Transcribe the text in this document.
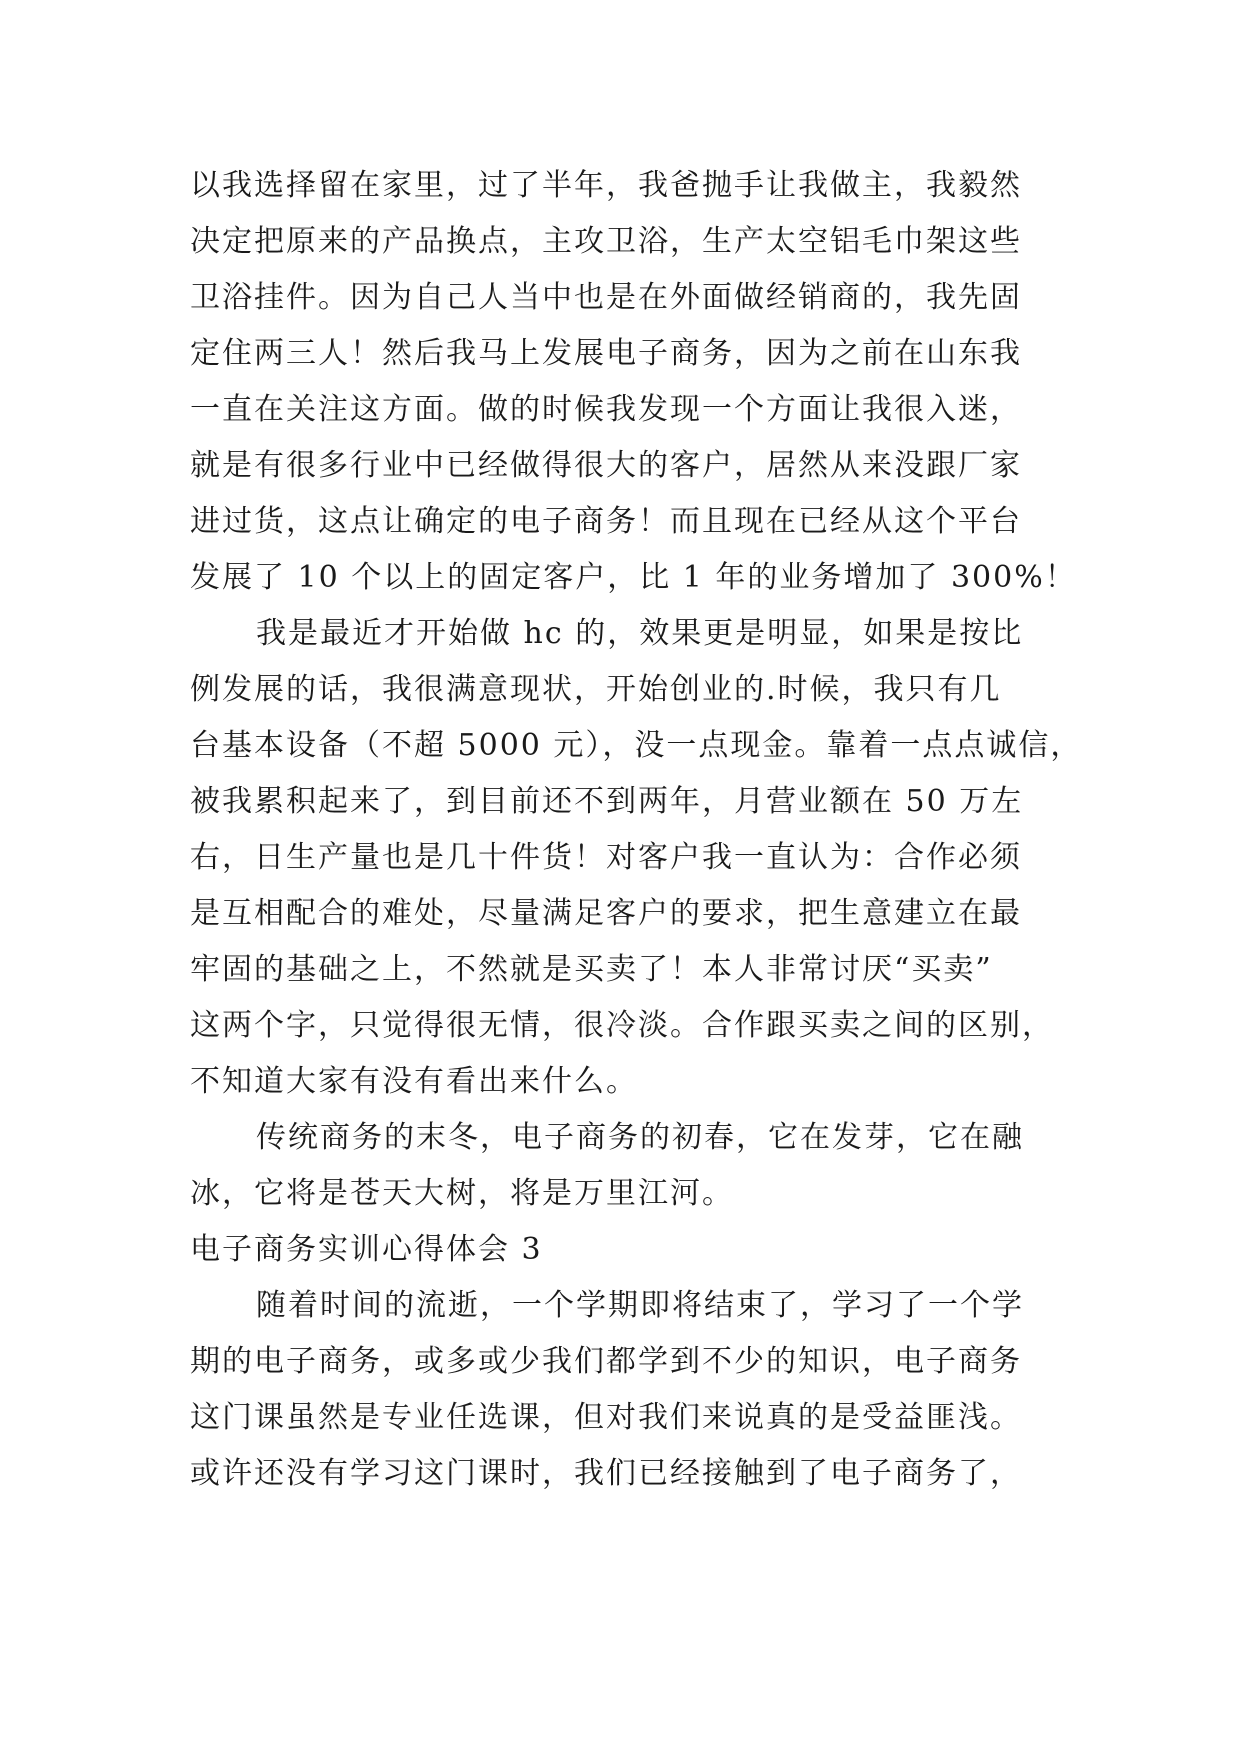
以我选择留在家里，过了半年，我爸抛手让我做主，我毅然
决定把原来的产品换点，主攻卫浴，生产太空铝毛巾架这些
卫浴挂件。因为自己人当中也是在外面做经销商的，我先固
定住两三人！然后我马上发展电子商务，因为之前在山东我
一直在关注这方面。做的时候我发现一个方面让我很入迷，
就是有很多行业中已经做得很大的客户，居然从来没跟厂家
进过货，这点让确定的电子商务！而且现在已经从这个平台
发展了 10 个以上的固定客户，比 1 年的业务增加了 300%！
我是最近才开始做 hc 的，效果更是明显，如果是按比
例发展的话，我很满意现状，开始创业的.时候，我只有几
台基本设备（不超 5000 元），没一点现金。靠着一点点诚信，
被我累积起来了，到目前还不到两年，月营业额在 50 万左
右，日生产量也是几十件货！对客户我一直认为：合作必须
是互相配合的难处，尽量满足客户的要求，把生意建立在最
牢固的基础之上，不然就是买卖了！本人非常讨厌“买卖”
这两个字，只觉得很无情，很冷淡。合作跟买卖之间的区别，
不知道大家有没有看出来什么。
传统商务的末冬，电子商务的初春，它在发芽，它在融
冰，它将是苍天大树，将是万里江河。
电子商务实训心得体会 3
随着时间的流逝，一个学期即将结束了，学习了一个学
期的电子商务，或多或少我们都学到不少的知识，电子商务
这门课虽然是专业任选课，但对我们来说真的是受益匪浅。
或许还没有学习这门课时，我们已经接触到了电子商务了，
